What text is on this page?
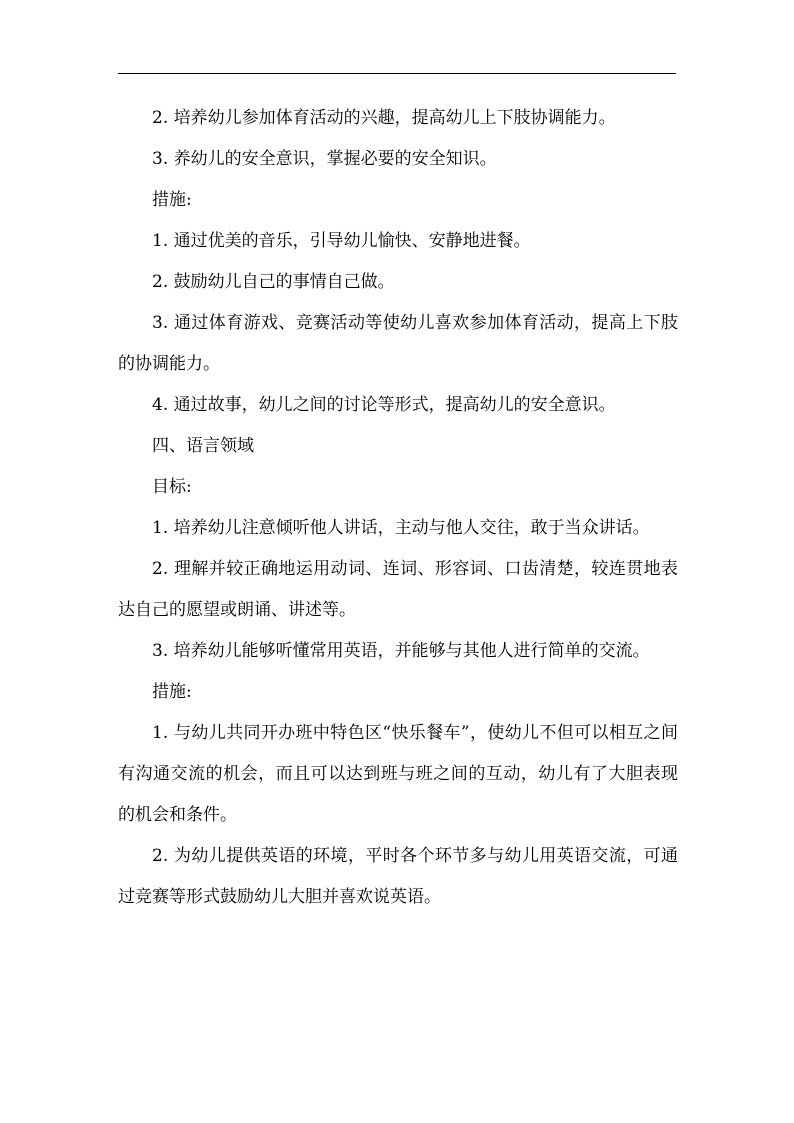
2. 培养幼儿参加体育活动的兴趣，提高幼儿上下肢协调能力。

3. 养幼儿的安全意识，掌握必要的安全知识。

措施:

1. 通过优美的音乐，引导幼儿愉快、安静地进餐。

2. 鼓励幼儿自己的事情自己做。

3. 通过体育游戏、竞赛活动等使幼儿喜欢参加体育活动，提高上下肢的协调能力。

4. 通过故事，幼儿之间的讨论等形式，提高幼儿的安全意识。

四、语言领域

目标:

1. 培养幼儿注意倾听他人讲话，主动与他人交往，敢于当众讲话。

2. 理解并较正确地运用动词、连词、形容词、口齿清楚，较连贯地表达自己的愿望或朗诵、讲述等。

3. 培养幼儿能够听懂常用英语，并能够与其他人进行简单的交流。

措施:

1. 与幼儿共同开办班中特色区“快乐餐车”，使幼儿不但可以相互之间有沟通交流的机会，而且可以达到班与班之间的互动，幼儿有了大胆表现的机会和条件。

2. 为幼儿提供英语的环境，平时各个环节多与幼儿用英语交流，可通过竞赛等形式鼓励幼儿大胆并喜欢说英语。
